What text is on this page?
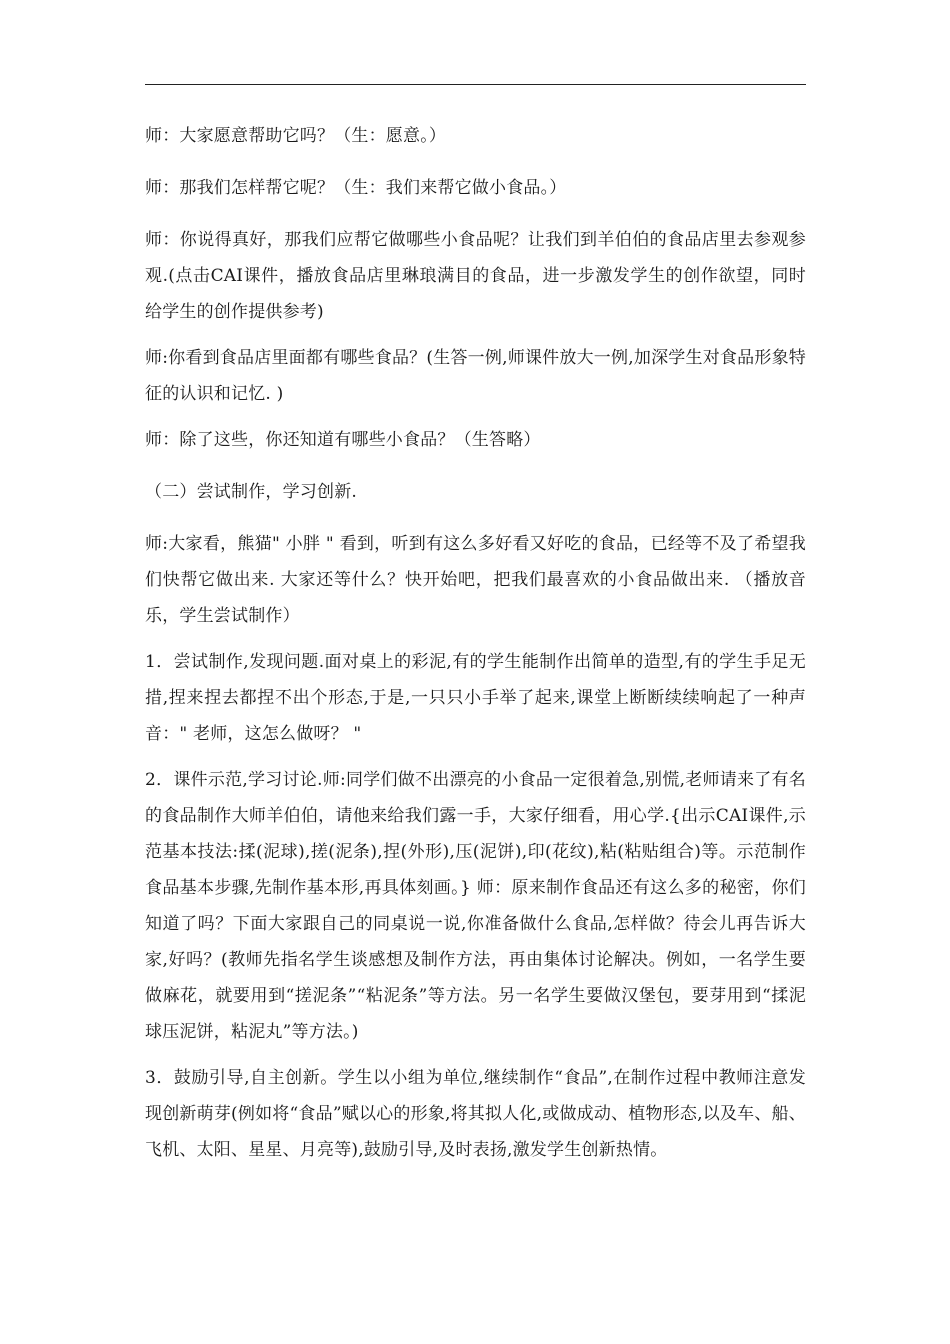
师：大家愿意帮助它吗？（生：愿意。）

师：那我们怎样帮它呢？（生：我们来帮它做小食品。）

师：你说得真好，那我们应帮它做哪些小食品呢？让我们到羊伯伯的食品店里去参观参观.(点击CAI课件，播放食品店里琳琅满目的食品，进一步激发学生的创作欲望，同时给学生的创作提供参考)

师:你看到食品店里面都有哪些食品？(生答一例,师课件放大一例,加深学生对食品形象特征的认识和记忆. )

师：除了这些，你还知道有哪些小食品？（生答略）

（二）尝试制作，学习创新.

师:大家看，熊猫" 小胖 " 看到，听到有这么多好看又好吃的食品，已经等不及了希望我们快帮它做出来. 大家还等什么？快开始吧，把我们最喜欢的小食品做出来. （播放音乐，学生尝试制作）

1．尝试制作,发现问题.面对桌上的彩泥,有的学生能制作出简单的造型,有的学生手足无措,捏来捏去都捏不出个形态,于是,一只只小手举了起来,课堂上断断续续响起了一种声音：" 老师，这怎么做呀？ "

2．课件示范,学习讨论.师:同学们做不出漂亮的小食品一定很着急,别慌,老师请来了有名的食品制作大师羊伯伯，请他来给我们露一手，大家仔细看，用心学.{出示CAI课件,示范基本技法:揉(泥球),搓(泥条),捏(外形),压(泥饼),印(花纹),粘(粘贴组合)等。示范制作食品基本步骤,先制作基本形,再具体刻画。} 师：原来制作食品还有这么多的秘密，你们知道了吗？下面大家跟自己的同桌说一说,你准备做什么食品,怎样做？待会儿再告诉大家,好吗？(教师先指名学生谈感想及制作方法，再由集体讨论解决。例如，一名学生要 做麻花，就要用到“搓泥条”“粘泥条”等方法。另一名学生要做汉堡包，要芽用到“揉泥球压泥饼，粘泥丸”等方法。)

3．鼓励引导,自主创新。学生以小组为单位,继续制作“食品”,在制作过程中教师注意发现创新萌芽(例如将“食品”赋以心的形象,将其拟人化,或做成动、植物形态,以及车、船、飞机、太阳、星星、月亮等),鼓励引导,及时表扬,激发学生创新热情。
